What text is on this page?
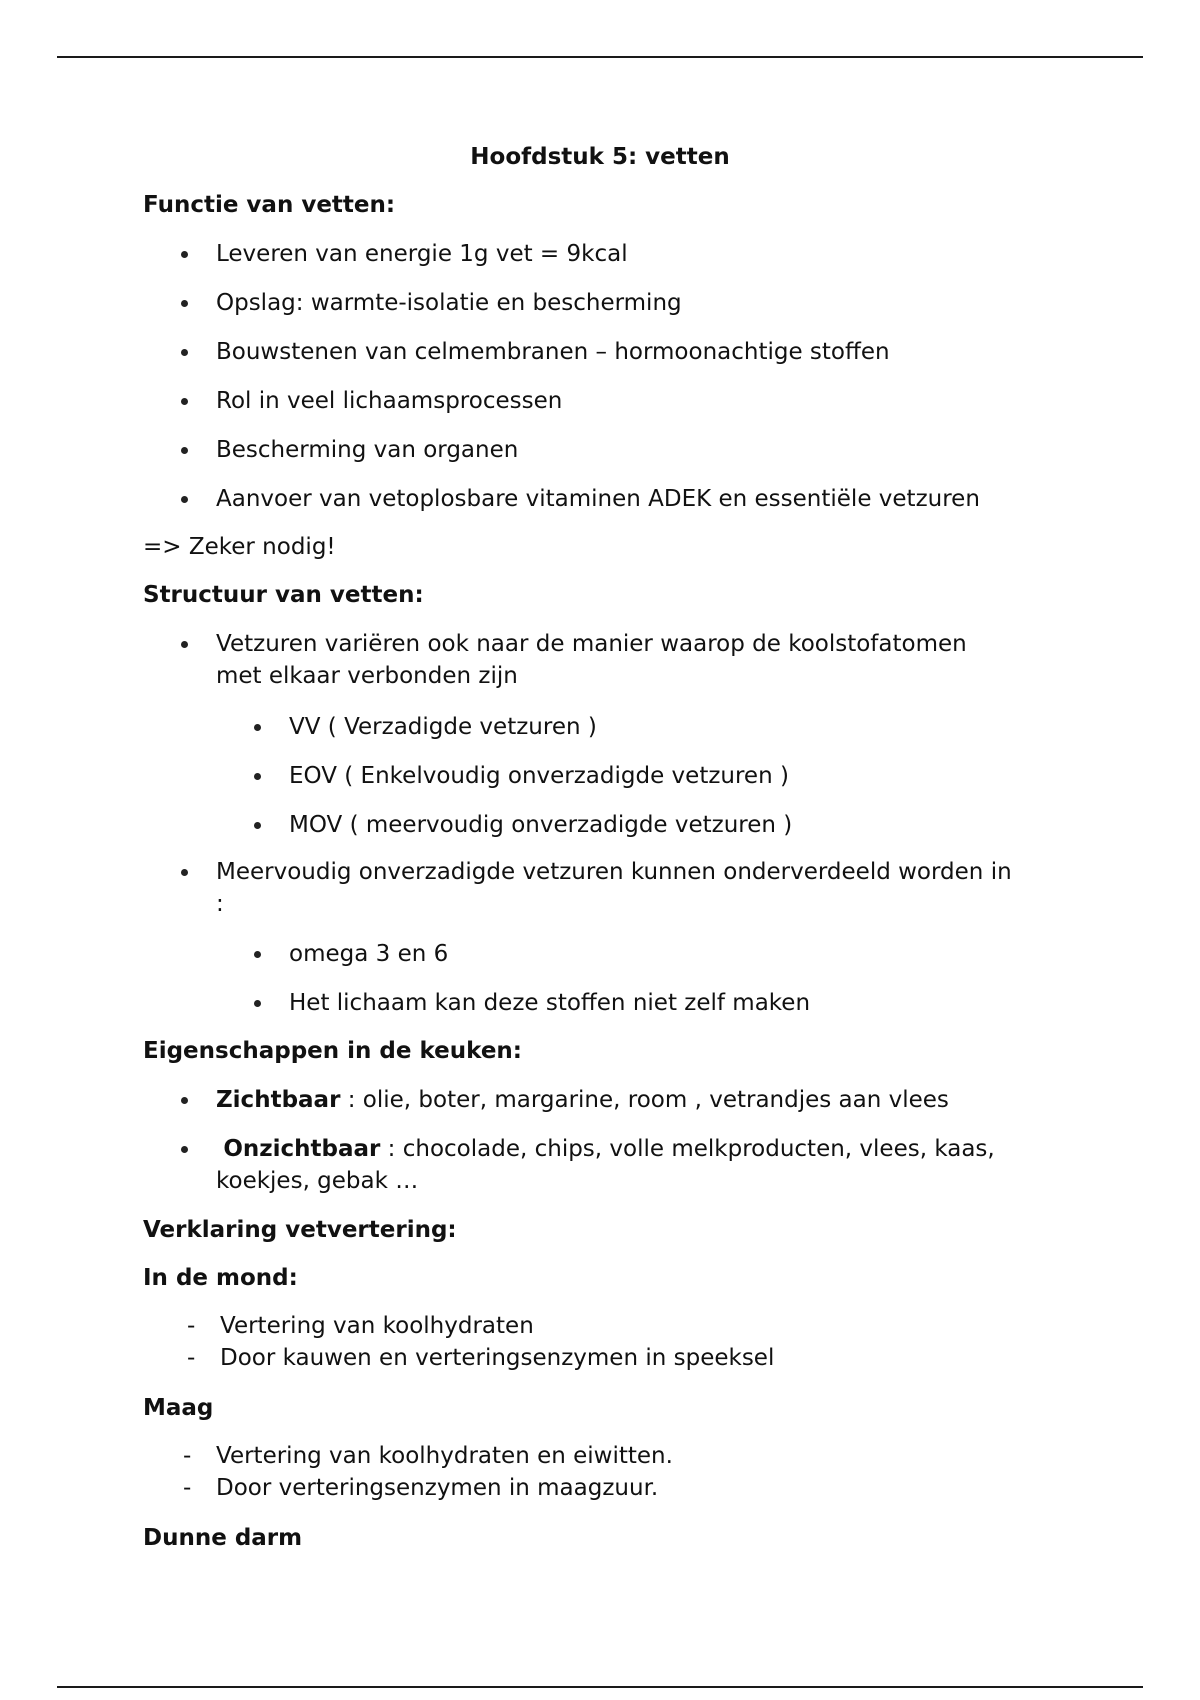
Hoofdstuk 5: vetten
Functie van vetten:
Leveren van energie 1g vet = 9kcal
Opslag: warmte-isolatie en bescherming
Bouwstenen van celmembranen – hormoonachtige stoffen
Rol in veel lichaamsprocessen
Bescherming van organen
Aanvoer van vetoplosbare vitaminen ADEK en essentiële vetzuren
=> Zeker nodig!
Structuur van vetten:
Vetzuren variëren ook naar de manier waarop de koolstofatomen
met elkaar verbonden zijn
VV ( Verzadigde vetzuren )
EOV ( Enkelvoudig onverzadigde vetzuren )
MOV ( meervoudig onverzadigde vetzuren )
Meervoudig onverzadigde vetzuren kunnen onderverdeeld worden in
:
omega 3 en 6
Het lichaam kan deze stoffen niet zelf maken
Eigenschappen in de keuken:
Zichtbaar : olie, boter, margarine, room , vetrandjes aan vlees
Onzichtbaar : chocolade, chips, volle melkproducten, vlees, kaas,
koekjes, gebak …
Verklaring vetvertering:
In de mond:
- Vertering van koolhydraten
- Door kauwen en verteringsenzymen in speeksel
Maag
- Vertering van koolhydraten en eiwitten.
- Door verteringsenzymen in maagzuur.
Dunne darm
